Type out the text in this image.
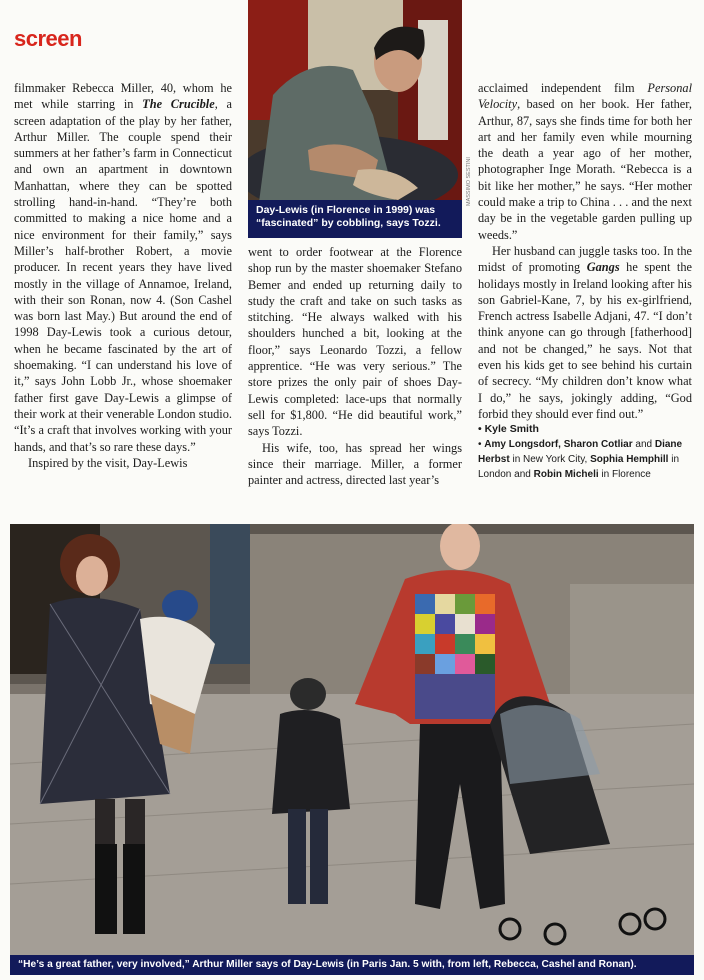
screen

filmmaker Rebecca Miller, 40, whom he met while starring in The Crucible, a screen adaptation of the play by her father, Arthur Miller. The couple spend their summers at her father’s farm in Connecticut and own an apartment in downtown Manhattan, where they can be spotted strolling hand-in-hand. “They’re both committed to making a nice home and a nice environment for their family,” says Miller’s half-brother Robert, a movie producer. In recent years they have lived mostly in the village of Annamoe, Ireland, with their son Ronan, now 4. (Son Cashel was born last May.) But around the end of 1998 Day-Lewis took a curious detour, when he became fascinated by the art of shoemaking. “I can understand his love of it,” says John Lobb Jr., whose shoemaker father first gave Day-Lewis a glimpse of their work at their venerable London studio. “It’s a craft that involves working with your hands, and that’s so rare these days.”

Inspired by the visit, Day-Lewis

MASSIMO SESTINI
Day-Lewis (in Florence in 1999) was “fascinated” by cobbling, says Tozzi.

went to order footwear at the Florence shop run by the master shoemaker Stefano Bemer and ended up returning daily to study the craft and take on such tasks as stitching. “He always walked with his shoulders hunched a bit, looking at the floor,” says Leonardo Tozzi, a fellow apprentice. “He was very serious.” The store prizes the only pair of shoes Day-Lewis completed: lace-ups that normally sell for $1,800. “He did beautiful work,” says Tozzi.

His wife, too, has spread her wings since their marriage. Miller, a former painter and actress, directed last year’s

acclaimed independent film Personal Velocity, based on her book. Her father, Arthur, 87, says she finds time for both her art and her family even while mourning the death a year ago of her mother, photographer Inge Morath. “Rebecca is a bit like her mother,” he says. “Her mother could make a trip to China . . . and the next day be in the vegetable garden pulling up weeds.”

Her husband can juggle tasks too. In the midst of promoting Gangs he spent the holidays mostly in Ireland looking after his son Gabriel-Kane, 7, by his ex-girlfriend, French actress Isabelle Adjani, 47. “I don’t think anyone can go through [fatherhood] and not be changed,” he says. Not that even his kids get to see behind his curtain of secrecy. “My children don’t know what I do,” he says, jokingly adding, “God forbid they should ever find out.”

• Kyle Smith
• Amy Longsdorf, Sharon Cotliar and Diane Herbst in New York City, Sophia Hemphill in London and Robin Micheli in Florence
“He’s a great father, very involved,” Arthur Miller says of Day-Lewis (in Paris Jan. 5 with, from left, Rebecca, Cashel and Ronan).
